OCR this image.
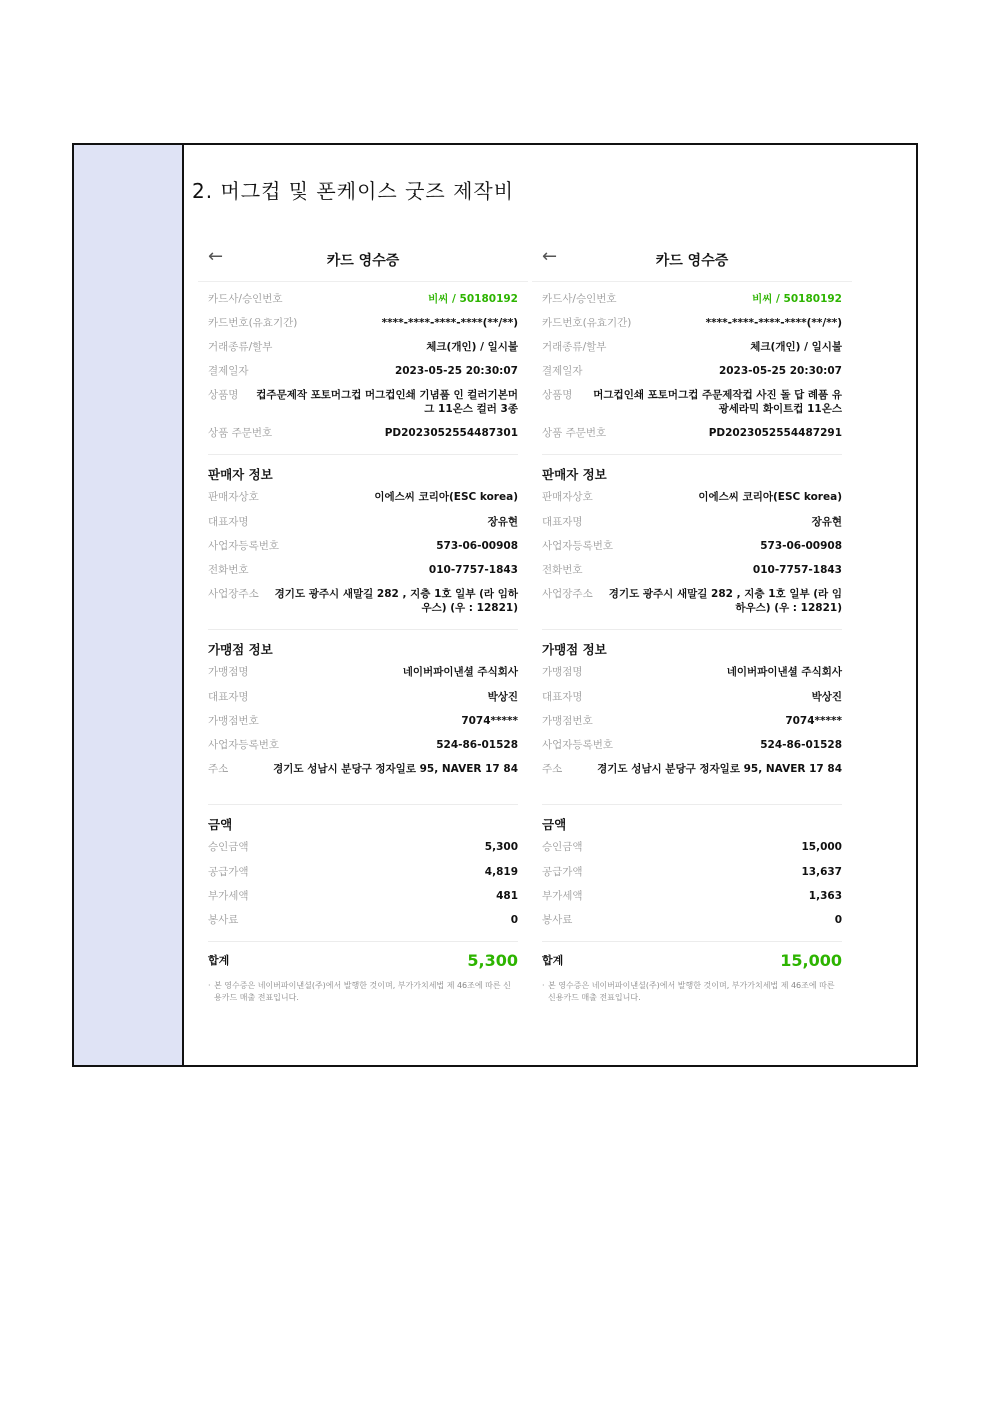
2. 머그컵 및 폰케이스 굿즈 제작비
←	카드 영수증
카드사/승인번호	비씨 / 50180192
카드번호(유효기간)	****-****-****-****(**/**)
거래종류/할부	체크(개인) / 일시불
결제일자	2023-05-25 20:30:07
상품명	컵주문제작 포토머그컵 머그컵인쇄 기념품 인 컬러기본머그 11온스 컬러 3종
상품 주문번호	PD2023052554487301
판매자 정보
판매자상호	이에스씨 코리아(ESC korea)
대표자명	장유현
사업자등록번호	573-06-00908
전화번호	010-7757-1843
사업장주소	경기도 광주시 새말길 282 , 지층 1호 일부 (라 임하우스) (우 : 12821)
가맹점 정보
가맹점명	네이버파이낸셜 주식회사
대표자명	박상진
가맹점번호	7074*****
사업자등록번호	524-86-01528
주소	경기도 성남시 분당구 정자일로 95, NAVER 17 84
금액
승인금액	5,300
공급가액	4,819
부가세액	481
봉사료	0
합계	5,300
· 본 영수증은 네이버파이낸셜(주)에서 발행한 것이며, 부가가치세법 제 46조에 따른 신용카드 매출 전표입니다.
←	카드 영수증
카드사/승인번호	비씨 / 50180192
카드번호(유효기간)	****-****-****-****(**/**)
거래종류/할부	체크(개인) / 일시불
결제일자	2023-05-25 20:30:07
상품명	머그컵인쇄 포토머그컵 주문제작컵 사진 돌 답 례품 유광세라믹 화이트컵 11온스
상품 주문번호	PD2023052554487291
판매자 정보
판매자상호	이에스씨 코리아(ESC korea)
대표자명	장유현
사업자등록번호	573-06-00908
전화번호	010-7757-1843
사업장주소	경기도 광주시 새말길 282 , 지층 1호 일부 (라 임하우스) (우 : 12821)
가맹점 정보
가맹점명	네이버파이낸셜 주식회사
대표자명	박상진
가맹점번호	7074*****
사업자등록번호	524-86-01528
주소	경기도 성남시 분당구 정자일로 95, NAVER 17 84
금액
승인금액	15,000
공급가액	13,637
부가세액	1,363
봉사료	0
합계	15,000
· 본 영수증은 네이버파이낸셜(주)에서 발행한 것이며, 부가가치세법 제 46조에 따른 신용카드 매출 전표입니다.
